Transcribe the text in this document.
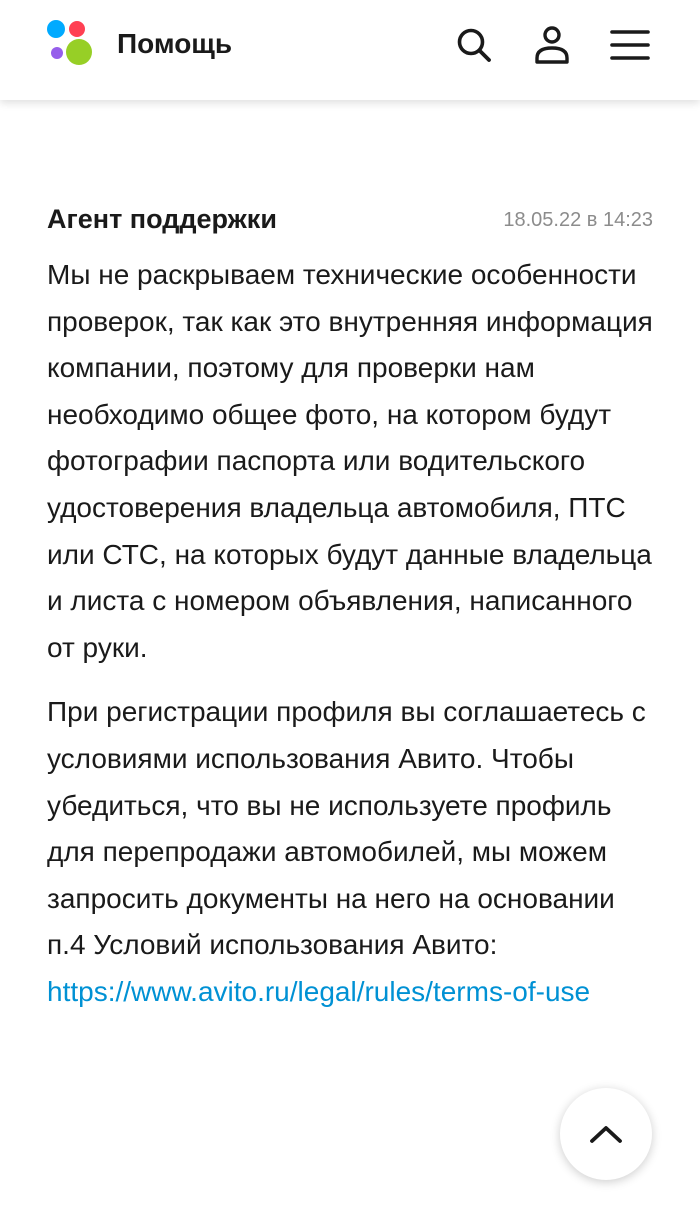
Помощь
Агент поддержки	18.05.22 в 14:23

Мы не раскрываем технические особенности проверок, так как это внутренняя информация компании, поэтому для проверки нам необходимо общее фото, на котором будут фотографии паспорта или водительского удостоверения владельца автомобиля, ПТС или СТС, на которых будут данные владельца и листа с номером объявления, написанного от руки.

При регистрации профиля вы соглашаетесь с условиями использования Авито. Чтобы убедиться, что вы не используете профиль для перепродажи автомобилей, мы можем запросить документы на него на основании п.4 Условий использования Авито: https://www.avito.ru/legal/rules/terms-of-use
